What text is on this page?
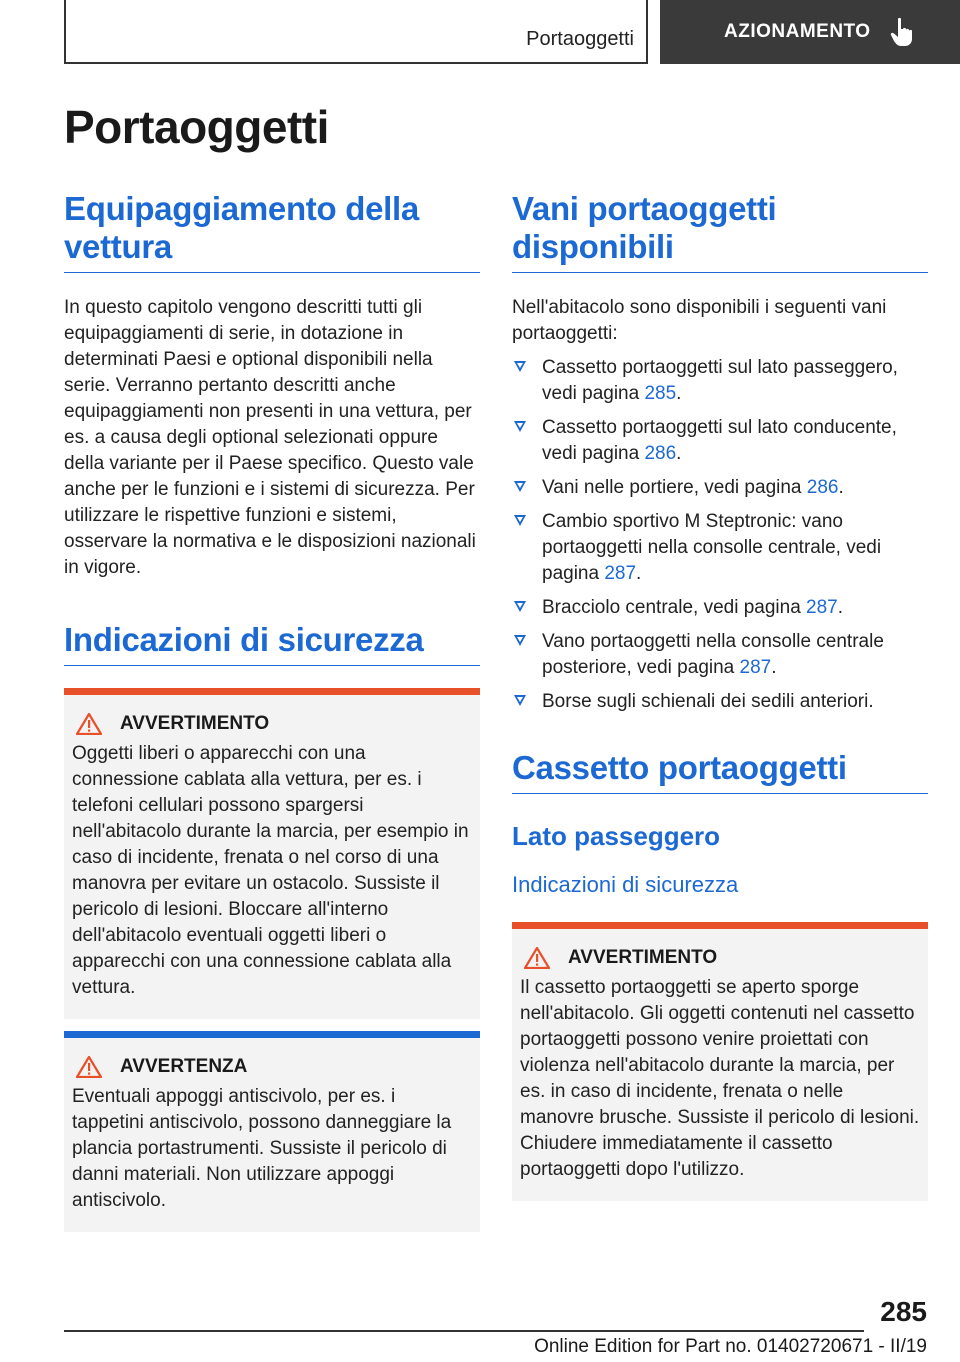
Portaoggetti	AZIONAMENTO
Portaoggetti
Equipaggiamento della vettura

In questo capitolo vengono descritti tutti gli equipaggiamenti di serie, in dotazione in determinati Paesi e optional disponibili nella serie. Verranno pertanto descritti anche equipaggiamenti non presenti in una vettura, per es. a causa degli optional selezionati oppure della variante per il Paese specifico. Questo vale anche per le funzioni e i sistemi di sicurezza. Per utilizzare le rispettive funzioni e sistemi, osservare la normativa e le disposizioni nazionali in vigore.

Indicazioni di sicurezza
AVVERTIMENTO
Oggetti liberi o apparecchi con una connessione cablata alla vettura, per es. i telefoni cellulari possono spargersi nell'abitacolo durante la marcia, per esempio in caso di incidente, frenata o nel corso di una manovra per evitare un ostacolo. Sussiste il pericolo di lesioni. Bloccare all'interno dell'abitacolo eventuali oggetti liberi o apparecchi con una connessione cablata alla vettura.
AVVERTENZA
Eventuali appoggi antiscivolo, per es. i tappetini antiscivolo, possono danneggiare la plancia portastrumenti. Sussiste il pericolo di danni materiali. Non utilizzare appoggi antiscivolo.
Vani portaoggetti disponibili

Nell'abitacolo sono disponibili i seguenti vani portaoggetti:

Cassetto portaoggetti sul lato passeggero, vedi pagina 285.
Cassetto portaoggetti sul lato conducente, vedi pagina 286.
Vani nelle portiere, vedi pagina 286.
Cambio sportivo M Steptronic: vano portaoggetti nella consolle centrale, vedi pagina 287.
Bracciolo centrale, vedi pagina 287.
Vano portaoggetti nella consolle centrale posteriore, vedi pagina 287.
Borse sugli schienali dei sedili anteriori.
Cassetto portaoggetti
Lato passeggero
Indicazioni di sicurezza
AVVERTIMENTO
Il cassetto portaoggetti se aperto sporge nell'abitacolo. Gli oggetti contenuti nel cassetto portaoggetti possono venire proiettati con violenza nell'abitacolo durante la marcia, per es. in caso di incidente, frenata o nelle manovre brusche. Sussiste il pericolo di lesioni. Chiudere immediatamente il cassetto portaoggetti dopo l'utilizzo.
285
Online Edition for Part no. 01402720671 - II/19
